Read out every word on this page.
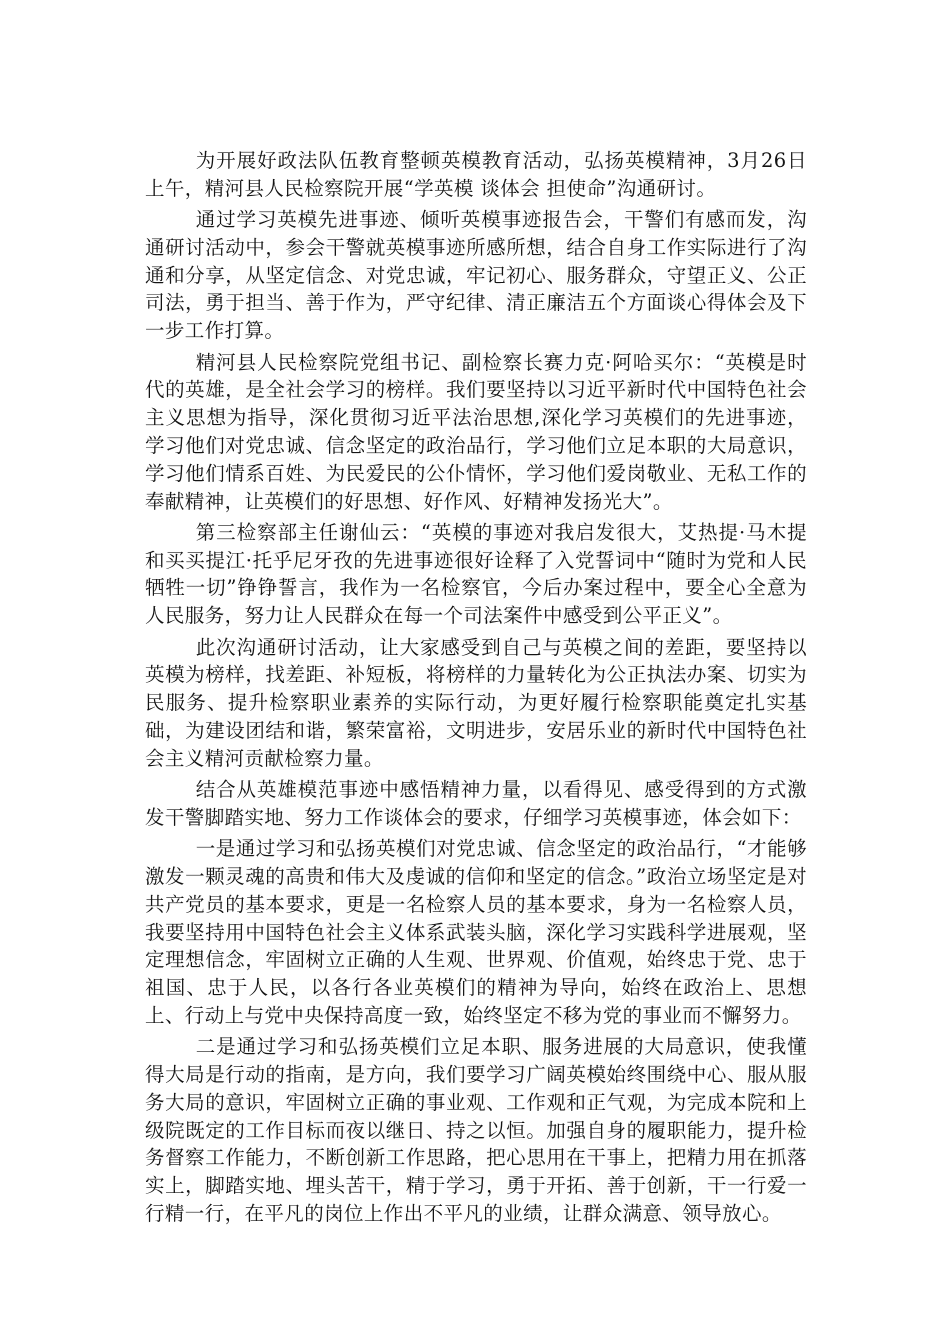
为开展好政法队伍教育整顿英模教育活动，弘扬英模精神，3月26日上午，精河县人民检察院开展“学英模 谈体会 担使命”沟通研讨。

通过学习英模先进事迹、倾听英模事迹报告会，干警们有感而发，沟通研讨活动中，参会干警就英模事迹所感所想，结合自身工作实际进行了沟通和分享，从坚定信念、对党忠诚，牢记初心、服务群众，守望正义、公正司法，勇于担当、善于作为，严守纪律、清正廉洁五个方面谈心得体会及下一步工作打算。

精河县人民检察院党组书记、副检察长赛力克·阿哈买尔：“英模是时代的英雄，是全社会学习的榜样。我们要坚持以习近平新时代中国特色社会主义思想为指导，深化贯彻习近平法治思想,深化学习英模们的先进事迹，学习他们对党忠诚、信念坚定的政治品行，学习他们立足本职的大局意识，学习他们情系百姓、为民爱民的公仆情怀，学习他们爱岗敬业、无私工作的奉献精神，让英模们的好思想、好作风、好精神发扬光大”。

第三检察部主任谢仙云：“英模的事迹对我启发很大，艾热提·马木提和买买提江·托乎尼牙孜的先进事迹很好诠释了入党誓词中“随时为党和人民牺牲一切”铮铮誓言，我作为一名检察官，今后办案过程中，要全心全意为人民服务，努力让人民群众在每一个司法案件中感受到公平正义”。

此次沟通研讨活动，让大家感受到自己与英模之间的差距，要坚持以英模为榜样，找差距、补短板，将榜样的力量转化为公正执法办案、切实为民服务、提升检察职业素养的实际行动，为更好履行检察职能奠定扎实基础，为建设团结和谐，繁荣富裕，文明进步，安居乐业的新时代中国特色社会主义精河贡献检察力量。

结合从英雄模范事迹中感悟精神力量，以看得见、感受得到的方式激发干警脚踏实地、努力工作谈体会的要求，仔细学习英模事迹，体会如下：

一是通过学习和弘扬英模们对党忠诚、信念坚定的政治品行，“才能够激发一颗灵魂的高贵和伟大及虔诚的信仰和坚定的信念。”政治立场坚定是对共产党员的基本要求，更是一名检察人员的基本要求，身为一名检察人员，我要坚持用中国特色社会主义体系武装头脑，深化学习实践科学进展观，坚定理想信念，牢固树立正确的人生观、世界观、价值观，始终忠于党、忠于祖国、忠于人民，以各行各业英模们的精神为导向，始终在政治上、思想上、行动上与党中央保持高度一致，始终坚定不移为党的事业而不懈努力。

二是通过学习和弘扬英模们立足本职、服务进展的大局意识，使我懂得大局是行动的指南，是方向，我们要学习广阔英模始终围绕中心、服从服务大局的意识，牢固树立正确的事业观、工作观和正气观，为完成本院和上级院既定的工作目标而夜以继日、持之以恒。加强自身的履职能力，提升检务督察工作能力，不断创新工作思路，把心思用在干事上，把精力用在抓落实上，脚踏实地、埋头苦干，精于学习，勇于开拓、善于创新，干一行爱一行精一行，在平凡的岗位上作出不平凡的业绩，让群众满意、领导放心。
